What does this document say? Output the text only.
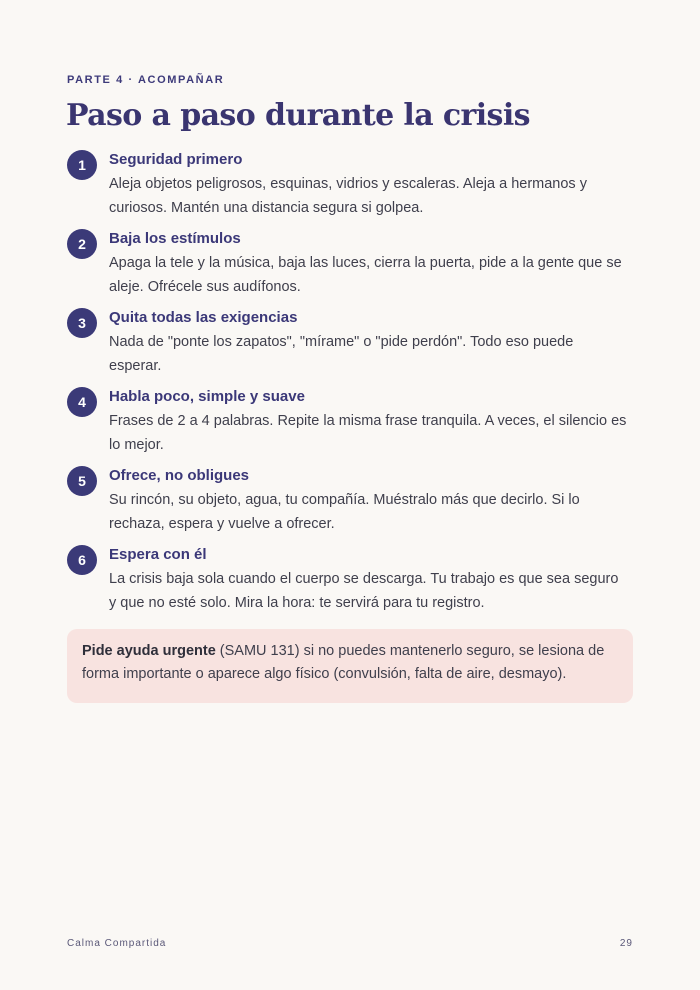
PARTE 4 · ACOMPAÑAR
Paso a paso durante la crisis
1	Seguridad primero
Aleja objetos peligrosos, esquinas, vidrios y escaleras. Aleja a hermanos y curiosos. Mantén una distancia segura si golpea.
2	Baja los estímulos
Apaga la tele y la música, baja las luces, cierra la puerta, pide a la gente que se aleje. Ofrécele sus audífonos.
3	Quita todas las exigencias
Nada de "ponte los zapatos", "mírame" o "pide perdón". Todo eso puede esperar.
4	Habla poco, simple y suave
Frases de 2 a 4 palabras. Repite la misma frase tranquila. A veces, el silencio es lo mejor.
5	Ofrece, no obligues
Su rincón, su objeto, agua, tu compañía. Muéstralo más que decirlo. Si lo rechaza, espera y vuelve a ofrecer.
6	Espera con él
La crisis baja sola cuando el cuerpo se descarga. Tu trabajo es que sea seguro y que no esté solo. Mira la hora: te servirá para tu registro.
Pide ayuda urgente (SAMU 131) si no puedes mantenerlo seguro, se lesiona de forma importante o aparece algo físico (convulsión, falta de aire, desmayo).
Calma Compartida	29
